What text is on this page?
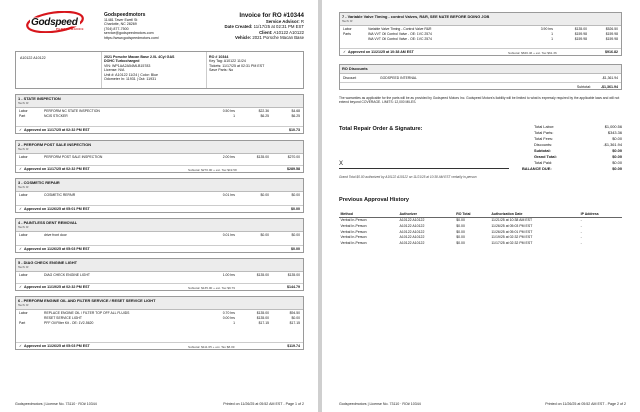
Godspeed
PERFORMANCE
Godspeedmotors
11481 Taver Ewell St
Charlotte, NC 28269
(704) 877-7500
service@godspeedmotors.com
https://www.godspeedmotors.com/
Invoice for RO #10344
Service Advisor: R
Date Created: 11/17/25 at 02:31 PM EST
Client: A10122 A10122
Vehicle: 2021 Porsche Macan Base
A10122 A10122	2021 Porsche Macan Base 2.0L 4Cyl GAS
DOHC Turbocharged
VIN: WP1AA2A54MLB15783
License: N/A
Unit #: A10122 11/24 | Color: Blue
Odometer In: 11931 | Out: 11931
RO # 10344
Key Tag: A10122 11/24
Tickets: 11/17/25 at 02:31 PM EST
Save Parts: No
1 - STATE INSPECTION
Tech: R
Labor	PERFORM NC STATE INSPECTION	0.50 hrs	$22.36	$4.68
Part	NCIS STICKER	1	$6.25	$6.25
✓ Approved on 11/17/25 at 02:32 PM EST	$10.73
2 - PERFORM POST SALE INSPECTION
Tech: R
Labor	PERFORM POST SALE INSPECTION	2.00 hrs	$135.00	$270.00
✓ Approved on 11/17/25 at 02:32 PM EST	Subtotal: $270.00 + est. Tax $19.58	$289.58
3 - COSMETIC REPAIR
Tech: R
Labor	COSMETIC REPAIR	0.01 hrs	$0.00	$0.00
✓ Approved on 11/26/25 at 05:01 PM EST	$0.00
4 - PAINTLESS DENT REMOVAL
Tech: R
Labor	drive front door	0.01 hrs	$0.00	$0.00
✓ Approved on 11/26/25 at 05:03 PM EST	$0.00
5 - DIAG CHECK ENGINE LIGHT
Tech: R
Labor	DIAG CHECK ENGINE LIGHT	1.00 hrs	$135.00	$135.00
✓ Approved on 11/19/25 at 02:32 PM EST	Subtotal: $135.00 + est. Tax $9.79	$144.79
6 - PERFORM ENGINE OIL AND FILTER SERVICE / RESET SERVICE LIGHT
Tech: R
Labor	REPLACE ENGINE OIL / FILTER TOP OFF ALL FLUIDS	0.70 hrs	$135.00	$94.50
RESET SERVICE LIGHT	0.00 hrs	$135.00	$0.00
Part	PFF Oil Filter Kit - OE: 1V2-5620	1	$17.15	$17.15
✓ Approved on 11/26/25 at 05:03 PM EST	Subtotal: $111.65 + est. Tax $8.09	$119.74
Godspeedmotors | License No. 73110 · RO# 10344	Printed on 11/26/25 at 05:52 AM EST - Page 1 of 2
7 - Variable Valve Timing - control Valves, R&R, SEE NATE BEFORE DOING JOB
Tech: R
Labor	Variable Valve Timing - Control Valve R&R	3.90 hrs	$135.00	$526.50
Parts	INA VVT Oil Control Valve - OE: 1VC 2574	1	$159.98	$159.98
INA VVT Oil Control Valve - OE: 1VC 2574	1	$159.98	$159.98
✓ Approved on 11/21/25 at 10:38 AM EST	Subtotal: $846.46 + est. Tax $61.36	$916.82
RO Discounts
Discount	GODSPEED INTERNAL	-$1,361.94
Subtotal:	-$1,361.94
The warranties as applicable for the parts will be as provided by Godspeed Motors Inc. Godspeed Motors's liability will be limited to what is expressly required by the applicable laws and will not extend beyond COVERAGE. LIMITS: 12,000 MILES.
Total Repair Order & Signature:	Total Labor:	$1,000.56
Total Parts:	$343.36
Total Fees:	$0.00
Discounts:	-$1,361.94
Subtotal:	$0.00
Grand Total:	$0.00
Total Paid:	$0.00
BALANCE DUE:	$0.00
X
Grand Total $0.00 authorized by A10122 A10122 on 11/21/25 at 10:38 AM EST verbally in-person
Previous Approval History
Method	Authorizer	RO Total	Authorization Date	IP Address
Verbal In-Person	A10122 A10122	$0.00	11/21/25 at 10:38 AM EST	-
Verbal In-Person	A10122 A10122	$0.00	11/26/25 at 05:03 PM EST	-
Verbal In-Person	A10122 A10122	$0.00	11/26/25 at 05:01 PM EST	-
Verbal In-Person	A10122 A10122	$0.00	11/19/25 at 02:32 PM EST	-
Verbal In-Person	A10122 A10122	$0.00	11/17/25 at 02:32 PM EST	-
Godspeedmotors | License No. 73110 · RO# 10344	Printed on 11/26/25 at 05:52 AM EST - Page 2 of 2
